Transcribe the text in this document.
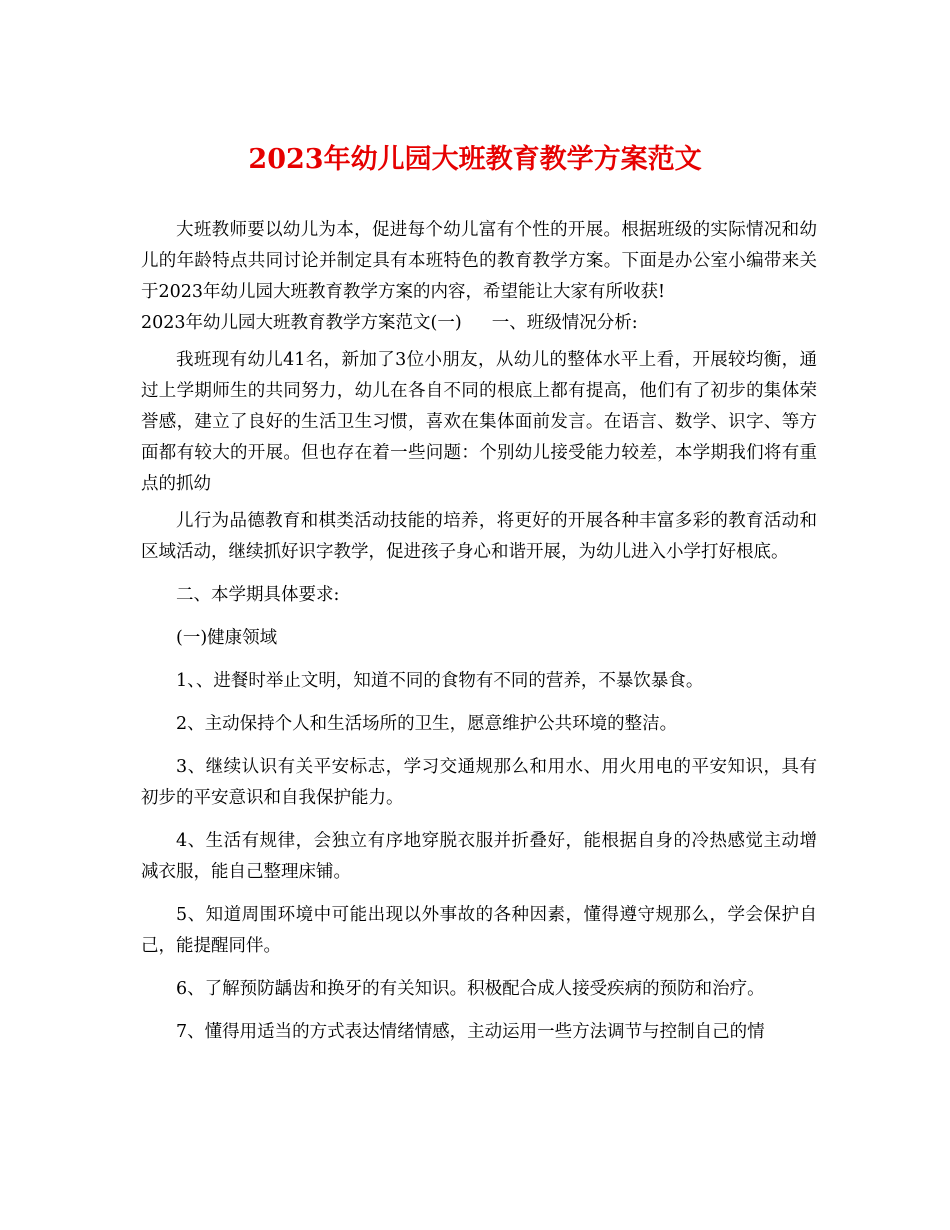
2023年幼儿园大班教育教学方案范文

大班教师要以幼儿为本，促进每个幼儿富有个性的开展。根据班级的实际情况和幼儿的年龄特点共同讨论并制定具有本班特色的教育教学方案。下面是办公室小编带来关于2023年幼儿园大班教育教学方案的内容，希望能让大家有所收获!

2023年幼儿园大班教育教学方案范文(一) 一、班级情况分析:

我班现有幼儿41名，新加了3位小朋友，从幼儿的整体水平上看，开展较均衡，通过上学期师生的共同努力，幼儿在各自不同的根底上都有提高，他们有了初步的集体荣誉感，建立了良好的生活卫生习惯，喜欢在集体面前发言。在语言、数学、识字、等方面都有较大的开展。但也存在着一些问题：个别幼儿接受能力较差，本学期我们将有重点的抓幼

儿行为品德教育和棋类活动技能的培养，将更好的开展各种丰富多彩的教育活动和区域活动，继续抓好识字教学，促进孩子身心和谐开展，为幼儿进入小学打好根底。

二、本学期具体要求:

(一)健康领域

1、、进餐时举止文明，知道不同的食物有不同的营养，不暴饮暴食。

2、主动保持个人和生活场所的卫生，愿意维护公共环境的整洁。

3、继续认识有关平安标志，学习交通规那么和用水、用火用电的平安知识，具有初步的平安意识和自我保护能力。

4、生活有规律，会独立有序地穿脱衣服并折叠好，能根据自身的冷热感觉主动增减衣服，能自己整理床铺。

5、知道周围环境中可能出现以外事故的各种因素，懂得遵守规那么，学会保护自己，能提醒同伴。

6、了解预防龋齿和换牙的有关知识。积极配合成人接受疾病的预防和治疗。

7、懂得用适当的方式表达情绪情感，主动运用一些方法调节与控制自己的情
